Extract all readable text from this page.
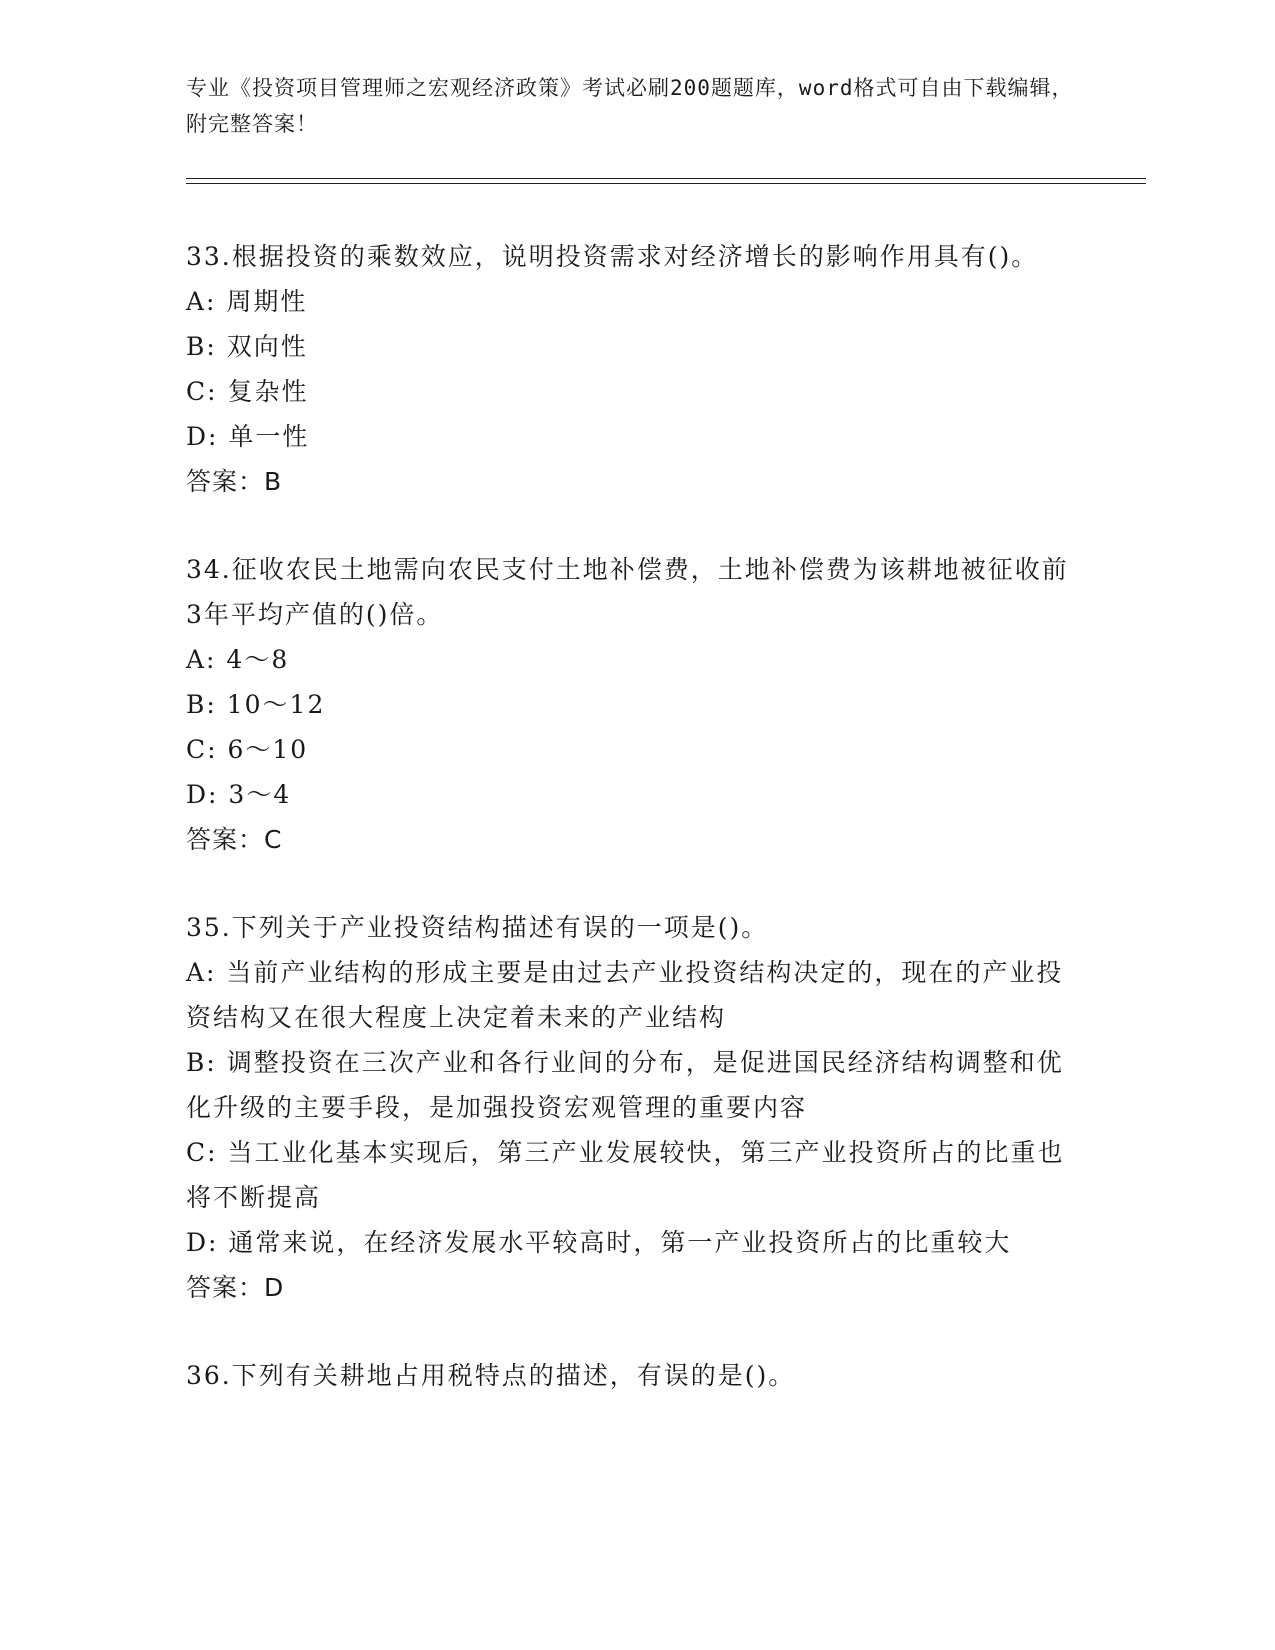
专业《投资项目管理师之宏观经济政策》考试必刷200题题库，word格式可自由下载编辑，附完整答案！
33.根据投资的乘数效应，说明投资需求对经济增长的影响作用具有()。
A: 周期性
B: 双向性
C: 复杂性
D: 单一性
答案：B
34.征收农民土地需向农民支付土地补偿费，土地补偿费为该耕地被征收前3年平均产值的()倍。
A: 4～8
B: 10～12
C: 6～10
D: 3～4
答案：C
35.下列关于产业投资结构描述有误的一项是()。
A: 当前产业结构的形成主要是由过去产业投资结构决定的，现在的产业投资结构又在很大程度上决定着未来的产业结构
B: 调整投资在三次产业和各行业间的分布，是促进国民经济结构调整和优化升级的主要手段，是加强投资宏观管理的重要内容
C: 当工业化基本实现后，第三产业发展较快，第三产业投资所占的比重也将不断提高
D: 通常来说，在经济发展水平较高时，第一产业投资所占的比重较大
答案：D
36.下列有关耕地占用税特点的描述，有误的是()。
